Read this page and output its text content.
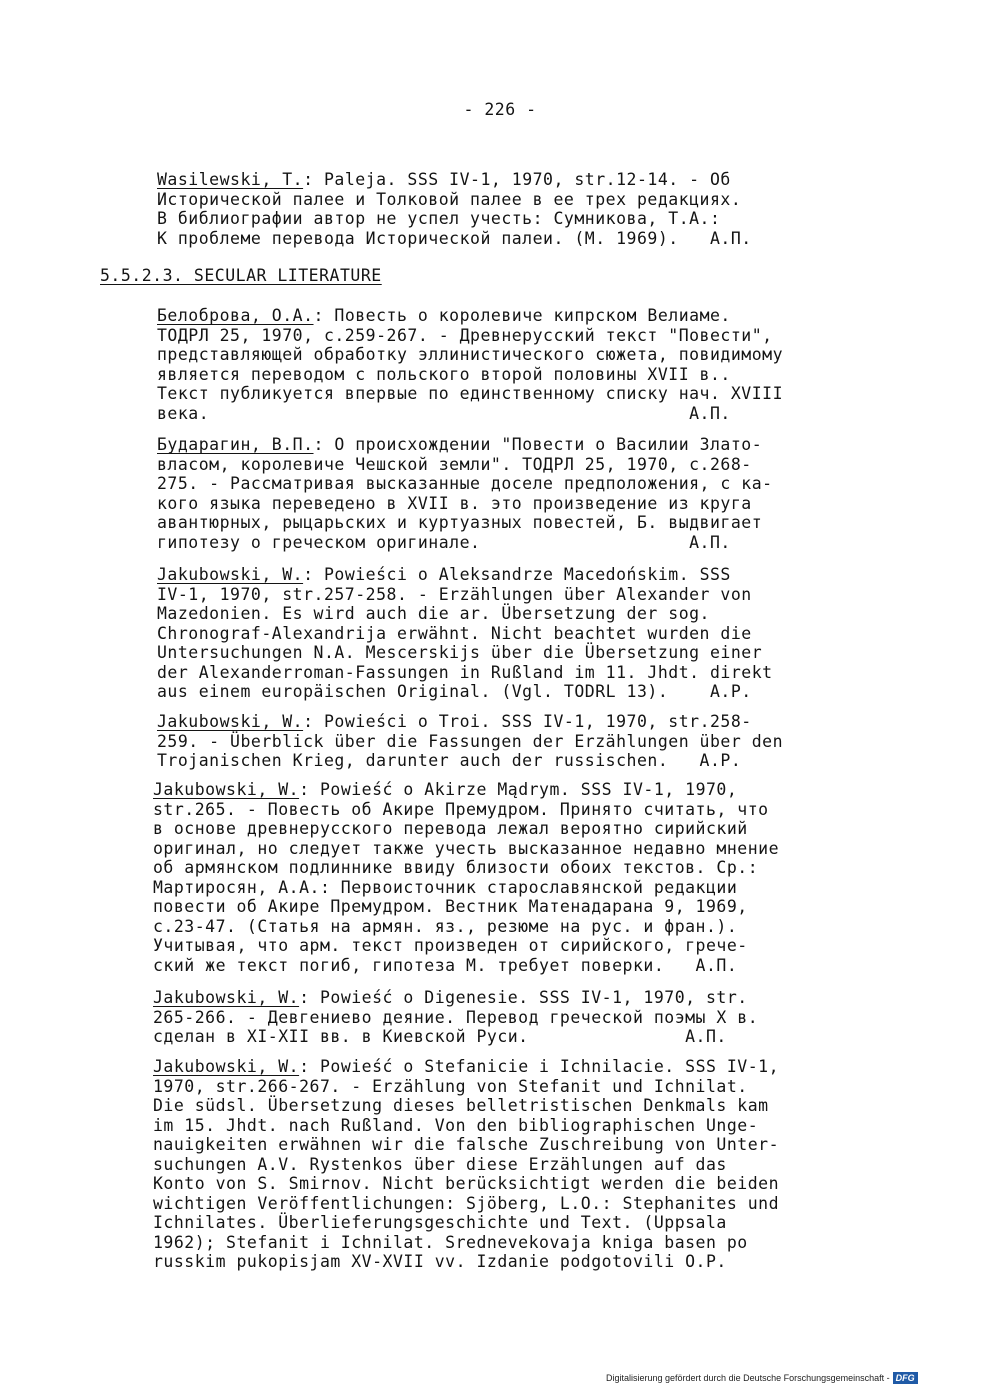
- 226 -
5.5.2.3. SECULAR LITERATURE
Wasilewski, T.: Paleja. SSS IV-1, 1970, str.12-14. - Об
Исторической палее и Толковой палее в ее трех редакциях.
В библиографии автор не успел учесть: Сумникова, Т.А.:
К проблеме перевода Исторической палеи. (М. 1969).   А.П.
Белоброва, О.А.: Повесть о королевиче кипрском Велиаме.
ТОДРЛ 25, 1970, с.259-267. - Древнерусский текст "Повести",
представляющей обработку эллинистического сюжета, повидимому
является переводом с польского второй половины XVII в..
Текст публикуется впервые по единственному списку нач. XVIII
века.                                              А.П.
Бударагин, В.П.: О происхождении "Повести о Василии Злато-
власом, королевиче Чешской земли". ТОДРЛ 25, 1970, с.268-
275. - Рассматривая высказанные доселе предположения, с ка-
кого языка переведено в XVII в. это произведение из круга
авантюрных, рыцарьских и куртуазных повестей, Б. выдвигает
гипотезу о греческом оригинале.                    А.П.
Jakubowski, W.: Powieści o Aleksandrze Macedońskim. SSS
IV-1, 1970, str.257-258. - Erzählungen über Alexander von
Mazedonien. Es wird auch die ar. Übersetzung der sog.
Chronograf-Alexandrija erwähnt. Nicht beachtet wurden die
Untersuchungen N.A. Mescerskijs über die Übersetzung einer
der Alexanderroman-Fassungen in Rußland im 11. Jhdt. direkt
aus einem europäischen Original. (Vgl. TODRL 13).    A.P.
Jakubowski, W.: Powieści o Troi. SSS IV-1, 1970, str.258-
259. - Überblick über die Fassungen der Erzählungen über den
Trojanischen Krieg, darunter auch der russischen.   A.P.
Jakubowski, W.: Powieść o Akirze Mądrym. SSS IV-1, 1970,
str.265. - Повесть об Акире Премудром. Принято считать, что
в основе древнерусского перевода лежал вероятно сирийский
оригинал, но следует также учесть высказанное недавно мнение
об армянском подлиннике ввиду близости обоих текстов. Ср.:
Мартиросян, А.А.: Первоисточник старославянской редакции
повести об Акире Премудром. Вестник Матенадарана 9, 1969,
с.23-47. (Статья на армян. яз., резюме на рус. и фран.).
Учитывая, что арм. текст произведен от сирийского, грече-
ский же текст погиб, гипотеза М. требует поверки.   А.П.
Jakubowski, W.: Powieść o Digenesie. SSS IV-1, 1970, str.
265-266. - Девгениево деяние. Перевод греческой поэмы X в.
сделан в XI-XII вв. в Киевской Руси.               А.П.
Jakubowski, W.: Powieść o Stefanicie i Ichnilacie. SSS IV-1,
1970, str.266-267. - Erzählung von Stefanit und Ichnilat.
Die südsl. Übersetzung dieses belletristischen Denkmals kam
im 15. Jhdt. nach Rußland. Von den bibliographischen Unge-
nauigkeiten erwähnen wir die falsche Zuschreibung von Unter-
suchungen A.V. Rystenkos über diese Erzählungen auf das
Konto von S. Smirnov. Nicht berücksichtigt werden die beiden
wichtigen Veröffentlichungen: Sjöberg, L.O.: Stephanites und
Ichnilates. Überlieferungsgeschichte und Text. (Uppsala
1962); Stefanit i Ichnilat. Srednevekovaja kniga basen po
russkim pukopisjam XV-XVII vv. Izdanie podgotovili O.P.
Digitalisierung gefördert durch die Deutsche Forschungsgemeinschaft - DFG
